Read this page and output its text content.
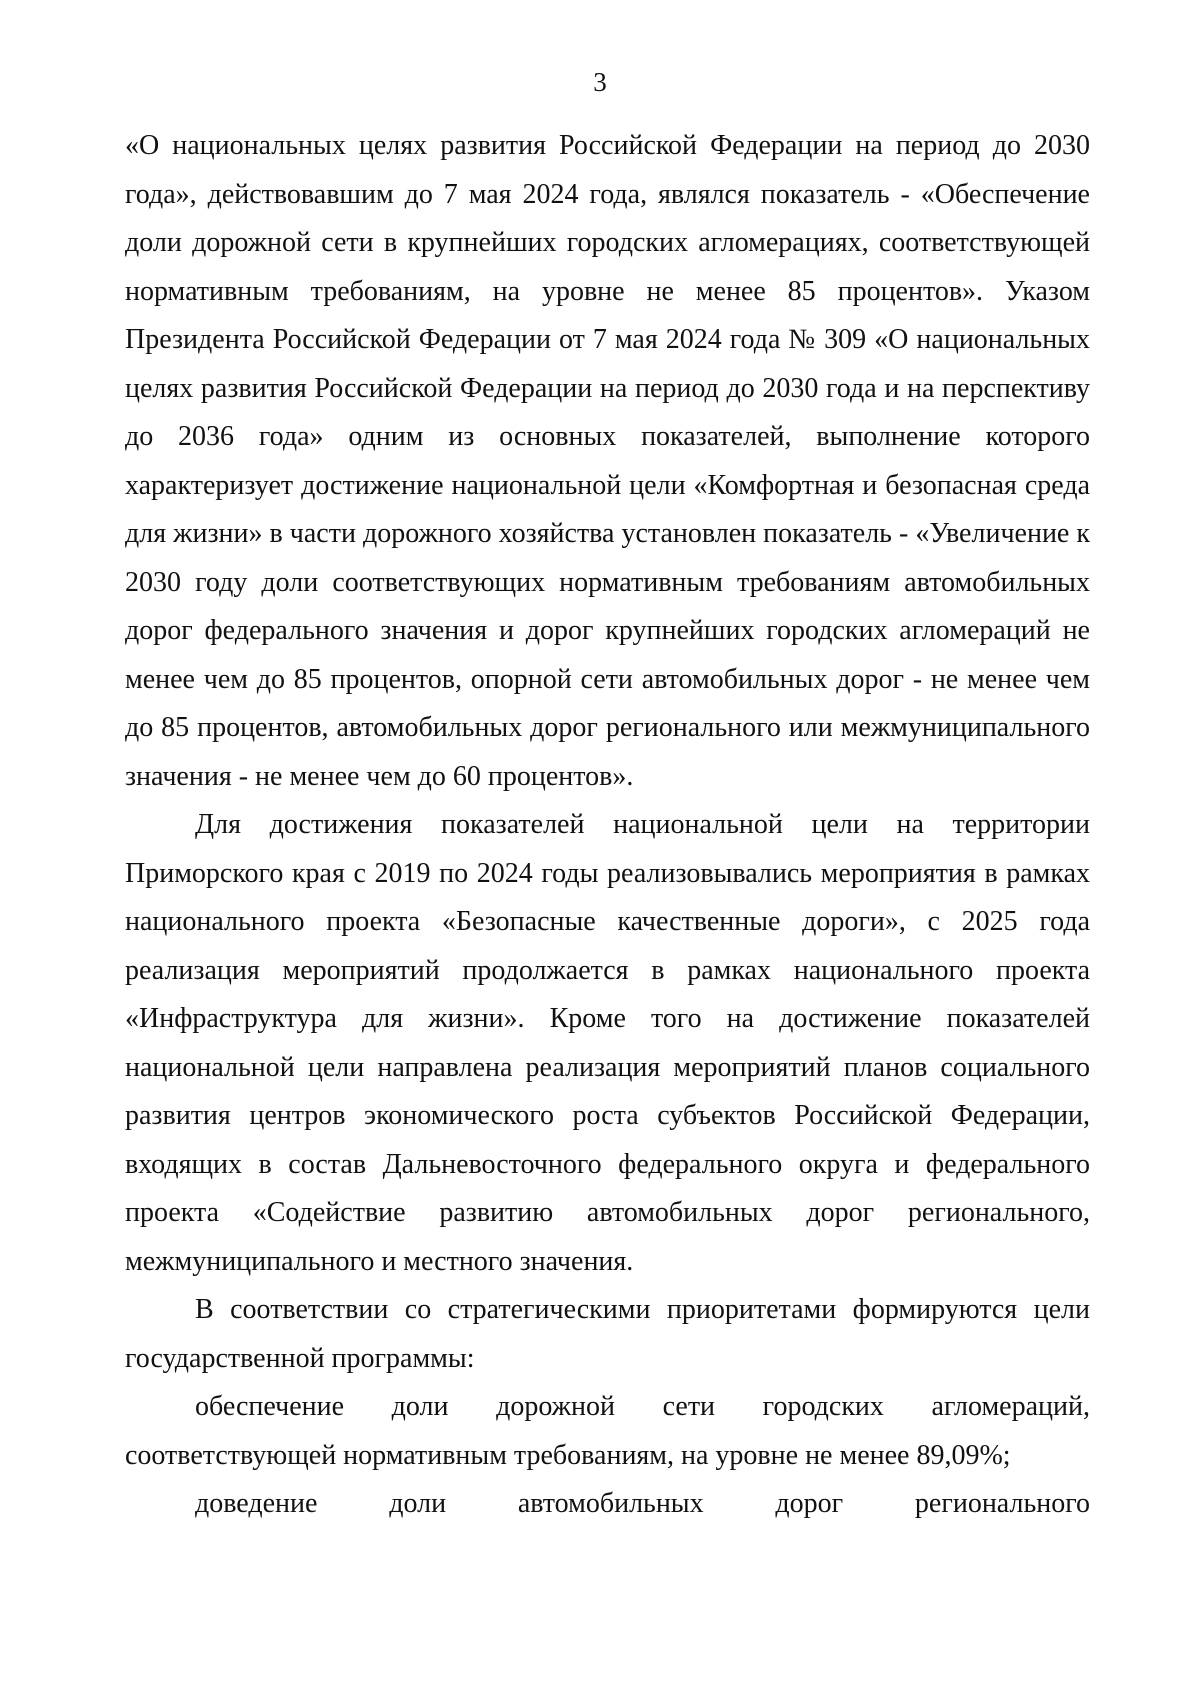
3

«О национальных целях развития Российской Федерации на период до 2030 года», действовавшим до 7 мая 2024 года, являлся показатель - «Обеспечение доли дорожной сети в крупнейших городских агломерациях, соответствующей нормативным требованиям, на уровне не менее 85 процентов». Указом Президента Российской Федерации от 7 мая 2024 года № 309 «О национальных целях развития Российской Федерации на период до 2030 года и на перспективу до 2036 года» одним из основных показателей, выполнение которого характеризует достижение национальной цели «Комфортная и безопасная среда для жизни» в части дорожного хозяйства установлен показатель - «Увеличение к 2030 году доли соответствующих нормативным требованиям автомобильных дорог федерального значения и дорог крупнейших городских агломераций не менее чем до 85 процентов, опорной сети автомобильных дорог - не менее чем до 85 процентов, автомобильных дорог регионального или межмуниципального значения - не менее чем до 60 процентов».

Для достижения показателей национальной цели на территории Приморского края с 2019 по 2024 годы реализовывались мероприятия в рамках национального проекта «Безопасные качественные дороги», с 2025 года реализация мероприятий продолжается в рамках национального проекта «Инфраструктура для жизни». Кроме того на достижение показателей национальной цели направлена реализация мероприятий планов социального развития центров экономического роста субъектов Российской Федерации, входящих в состав Дальневосточного федерального округа и федерального проекта «Содействие развитию автомобильных дорог регионального, межмуниципального и местного значения.

В соответствии со стратегическими приоритетами формируются цели государственной программы:

обеспечение доли дорожной сети городских агломераций, соответствующей нормативным требованиям, на уровне не менее 89,09%;

доведение доли автомобильных дорог регионального
